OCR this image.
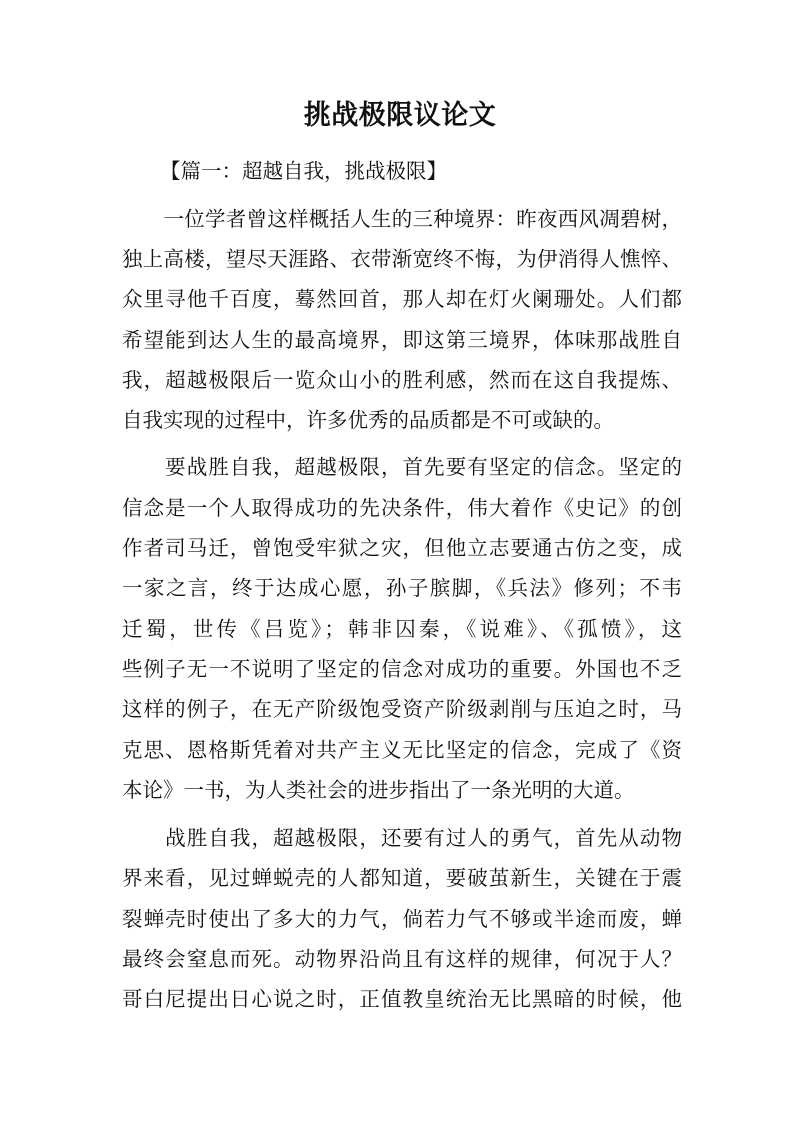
挑战极限议论文
【篇一：超越自我，挑战极限】
　　一位学者曾这样概括人生的三种境界：昨夜西风凋碧树，
独上高楼，望尽天涯路、衣带渐宽终不悔，为伊消得人憔悴、
众里寻他千百度，蓦然回首，那人却在灯火阑珊处。人们都
希望能到达人生的最高境界，即这第三境界，体味那战胜自
我，超越极限后一览众山小的胜利感，然而在这自我提炼、
自我实现的过程中，许多优秀的品质都是不可或缺的。
　　要战胜自我，超越极限，首先要有坚定的信念。坚定的
信念是一个人取得成功的先决条件，伟大着作《史记》的创
作者司马迁，曾饱受牢狱之灾，但他立志要通古仿之变，成
一家之言，终于达成心愿，孙子膑脚，《兵法》修列；不韦
迁蜀，世传《吕览》；韩非囚秦，《说难》、《孤愤》，这
些例子无一不说明了坚定的信念对成功的重要。外国也不乏
这样的例子，在无产阶级饱受资产阶级剥削与压迫之时，马
克思、恩格斯凭着对共产主义无比坚定的信念，完成了《资
本论》一书，为人类社会的进步指出了一条光明的大道。
　　战胜自我，超越极限，还要有过人的勇气，首先从动物
界来看，见过蝉蜕壳的人都知道，要破茧新生，关键在于震
裂蝉壳时使出了多大的力气，倘若力气不够或半途而废，蝉
最终会窒息而死。动物界沿尚且有这样的规律，何况于人？
哥白尼提出日心说之时，正值教皇统治无比黑暗的时候，他
